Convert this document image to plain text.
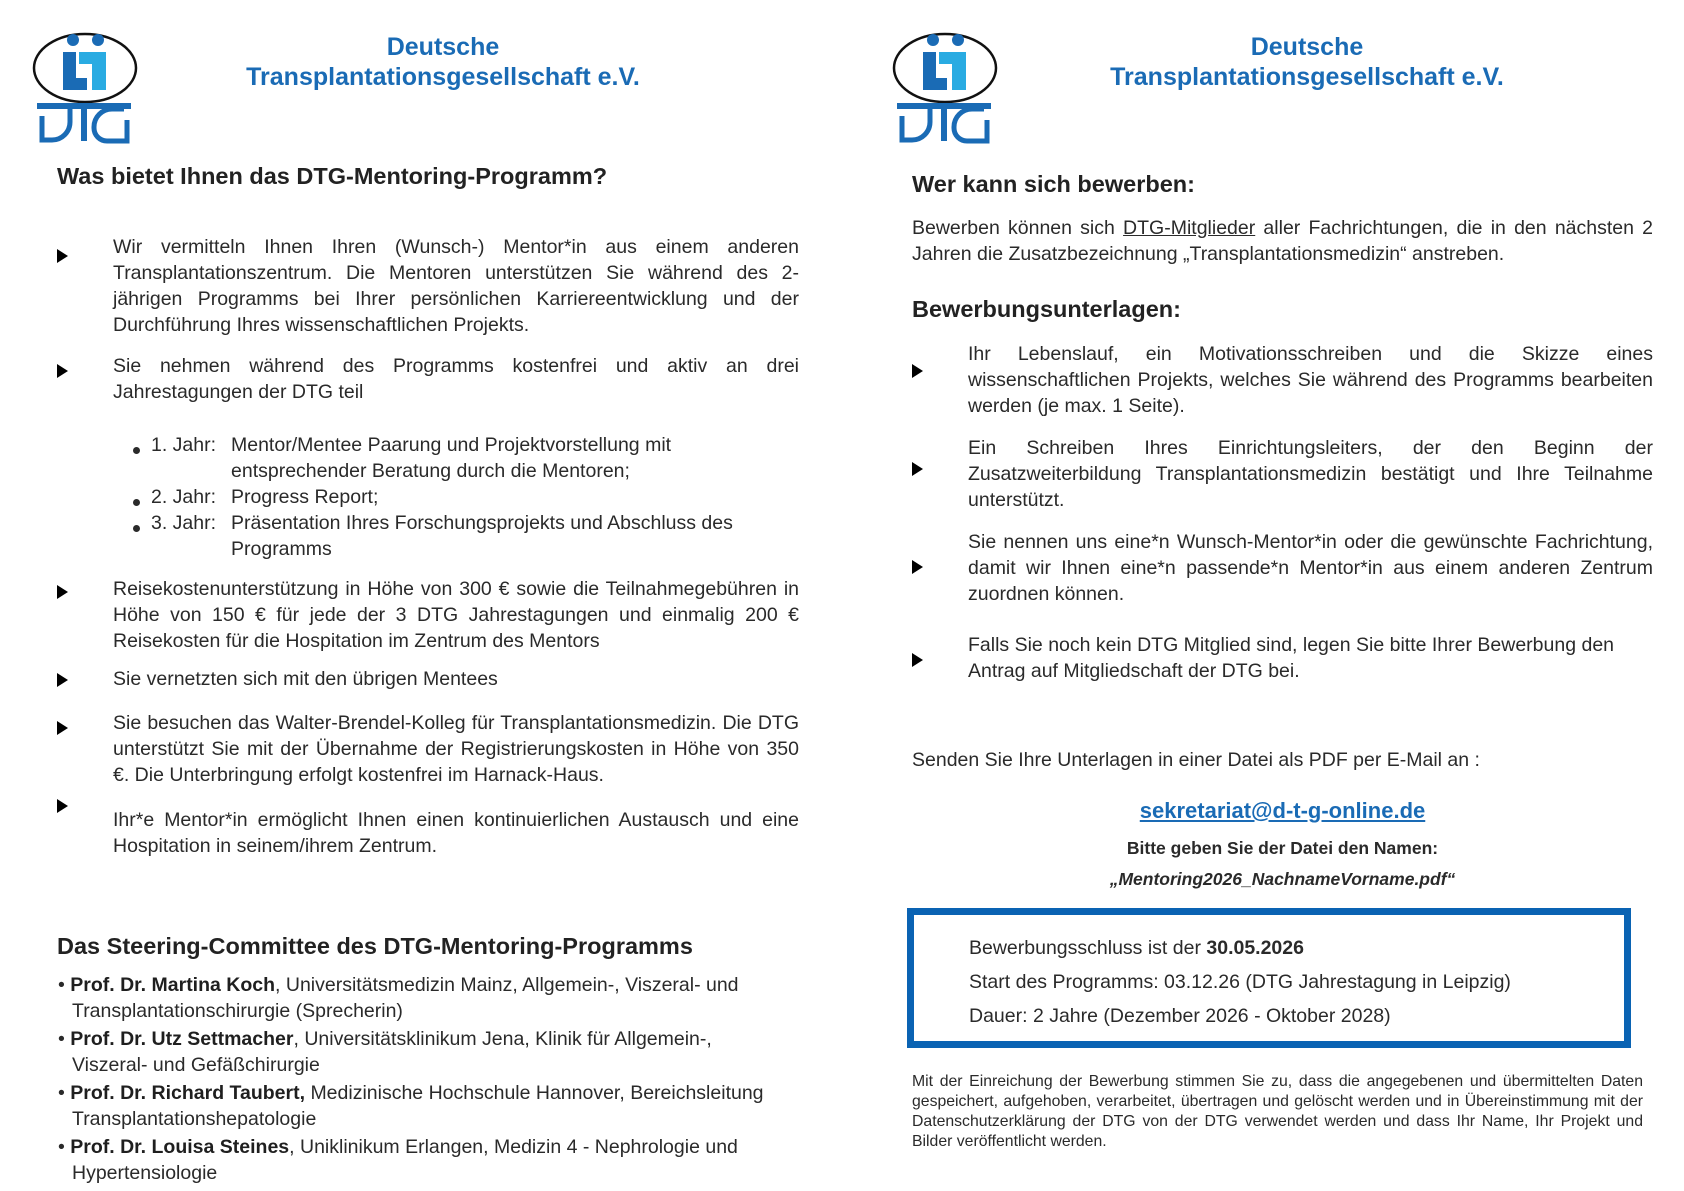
Deutsche
Transplantationsgesellschaft e.V.
Was bietet Ihnen das DTG-Mentoring-Programm?
Wir vermitteln Ihnen Ihren (Wunsch-) Mentor*in aus einem anderen Transplantationszentrum. Die Mentoren unterstützen Sie während des 2-jährigen Programms bei Ihrer persönlichen Karriereentwicklung und der Durchführung Ihres wissenschaftlichen Projekts.
Sie nehmen während des Programms kostenfrei und aktiv an drei Jahrestagungen der DTG teil
1. Jahr: Mentor/Mentee Paarung und Projektvorstellung mit
entsprechender Beratung durch die Mentoren;
2. Jahr: Progress Report;
3. Jahr: Präsentation Ihres Forschungsprojekts und Abschluss des
Programms
Reisekostenunterstützung in Höhe von 300 € sowie die Teilnahmegebühren in Höhe von 150 € für jede der 3 DTG Jahrestagungen und einmalig 200 € Reisekosten für die Hospitation im Zentrum des Mentors
Sie vernetzten sich mit den übrigen Mentees
Sie besuchen das Walter-Brendel-Kolleg für Transplantationsmedizin. Die DTG unterstützt Sie mit der Übernahme der Registrierungskosten in Höhe von 350 €. Die Unterbringung erfolgt kostenfrei im Harnack-Haus.
Ihr*e Mentor*in ermöglicht Ihnen einen kontinuierlichen Austausch und eine Hospitation in seinem/ihrem Zentrum.
Das Steering-Committee des DTG-Mentoring-Programms
• Prof. Dr. Martina Koch, Universitätsmedizin Mainz, Allgemein-, Viszeral- und
Transplantationschirurgie (Sprecherin)
• Prof. Dr. Utz Settmacher, Universitätsklinikum Jena, Klinik für Allgemein-,
Viszeral- und Gefäßchirurgie
• Prof. Dr. Richard Taubert, Medizinische Hochschule Hannover, Bereichsleitung
Transplantationshepatologie
• Prof. Dr. Louisa Steines, Uniklinikum Erlangen, Medizin 4 - Nephrologie und
Hypertensiologie
Deutsche
Transplantationsgesellschaft e.V.
Wer kann sich bewerben:
Bewerben können sich DTG-Mitglieder aller Fachrichtungen, die in den nächsten 2 Jahren die Zusatzbezeichnung „Transplantationsmedizin“ anstreben.
Bewerbungsunterlagen:
Ihr Lebenslauf, ein Motivationsschreiben und die Skizze eines wissenschaftlichen Projekts, welches Sie während des Programms bearbeiten werden (je max. 1 Seite).
Ein Schreiben Ihres Einrichtungsleiters, der den Beginn der Zusatzweiterbildung Transplantationsmedizin bestätigt und Ihre Teilnahme unterstützt.
Sie nennen uns eine*n Wunsch-Mentor*in oder die gewünschte Fachrichtung, damit wir Ihnen eine*n passende*n Mentor*in aus einem anderen Zentrum zuordnen können.
Falls Sie noch kein DTG Mitglied sind, legen Sie bitte Ihrer Bewerbung den Antrag auf Mitgliedschaft der DTG bei.
Senden Sie Ihre Unterlagen in einer Datei als PDF per E-Mail an :
sekretariat@d-t-g-online.de
Bitte geben Sie der Datei den Namen:
„Mentoring2026_NachnameVorname.pdf“
Bewerbungsschluss ist der 30.05.2026
Start des Programms: 03.12.26 (DTG Jahrestagung in Leipzig)
Dauer: 2 Jahre (Dezember 2026 - Oktober 2028)
Mit der Einreichung der Bewerbung stimmen Sie zu, dass die angegebenen und übermittelten Daten gespeichert, aufgehoben, verarbeitet, übertragen und gelöscht werden und in Übereinstimmung mit der Datenschutzerklärung der DTG von der DTG verwendet werden und dass Ihr Name, Ihr Projekt und Bilder veröffentlicht werden.
